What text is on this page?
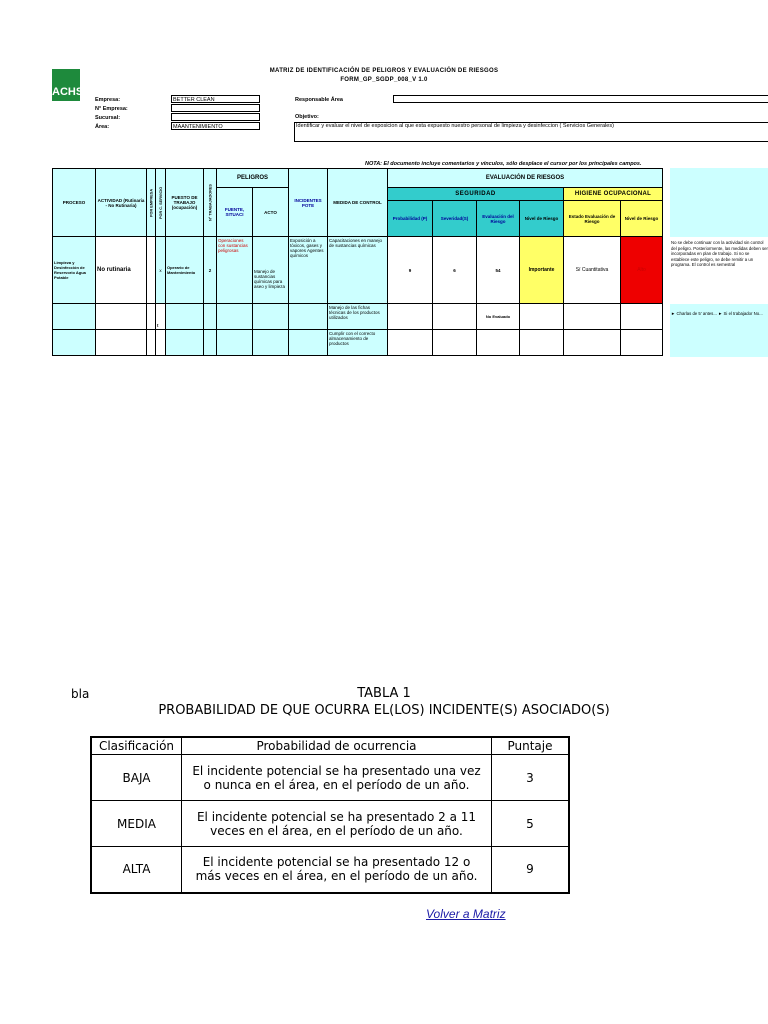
ACHS
MATRIZ DE IDENTIFICACIÓN DE PELIGROS Y EVALUACIÓN DE RIESGOS
FORM_GP_SGDP_008_V 1.0
Empresa:	BETTER CLEAN
N° Empresa:
Sucursal:
Área:	MAANTENIMIENTO
Responsable Área
Objetivo:
Identificar y evaluar el nivel de exposicion al que esta expuesto nuestro personal de limpieza y desinfeccion ( Servicios Generales)
NOTA: El documento incluye comentarios y vínculos, sólo desplace el cursor por los principales campos.
No se debe continuar con la actividad sin control del peligro. Posteriormente, las medidas deben ser incorporadas en plan de trabajo. Si no se establece este peligro, se debe remitir a un programa. El control es semestral
► Charlas de 5' antes... ► Si el trabajador No...
PROCESO	ACTIVIDAD (Rutinaria - No Rutinaria)	POR EMPRESA	POR C. SERVICIO	PUESTO DE TRABAJO (ocupación)	N° TRABAJADORES	PELIGROS		INCIDENTES POTE	MEDIDA DE CONTROL	EVALUACIÓN DE RIESGOS					
						FUENTE, SITUACI	ACTO			SEGURIDAD				HIGIENE OCUPACIONAL	
										Probabilidad (P)	Severidad(S)	Evaluación del Riesgo	Nivel de Riesgo	Estado Evaluación de Riesgo	Nivel de Riesgo
Limpieza y Desinfección de Reservorio Agua Potable	No rutinaria		x	Operario de Mantenimiento	2	Operaciones con sustancias peligrosas	Manejo de sustancias químicas para aseo y limpieza	Exposición a tóxicos, gases y vapores Agentes químicos	Capacitaciones en manejo de sustancias químicas	9	6	54	Importante	Sí Cuantitativa	Alto
			t						Manejo de las fichas técnicas de los productos utilizados			No Evaluado			
									Cumplir con el correcto almacenamiento de productos						
bla	TABLA 1
PROBABILIDAD DE QUE OCURRA EL(LOS) INCIDENTE(S) ASOCIADO(S)
Clasificación	Probabilidad de ocurrencia	Puntaje
BAJA	El incidente potencial se ha presentado una vez o nunca en el área, en el período de un año.	3
MEDIA	El incidente potencial se ha presentado 2 a 11 veces en el área, en el período de un año.	5
ALTA	El incidente potencial se ha presentado 12 o más veces en el área, en el período de un año.	9
Volver a Matriz
